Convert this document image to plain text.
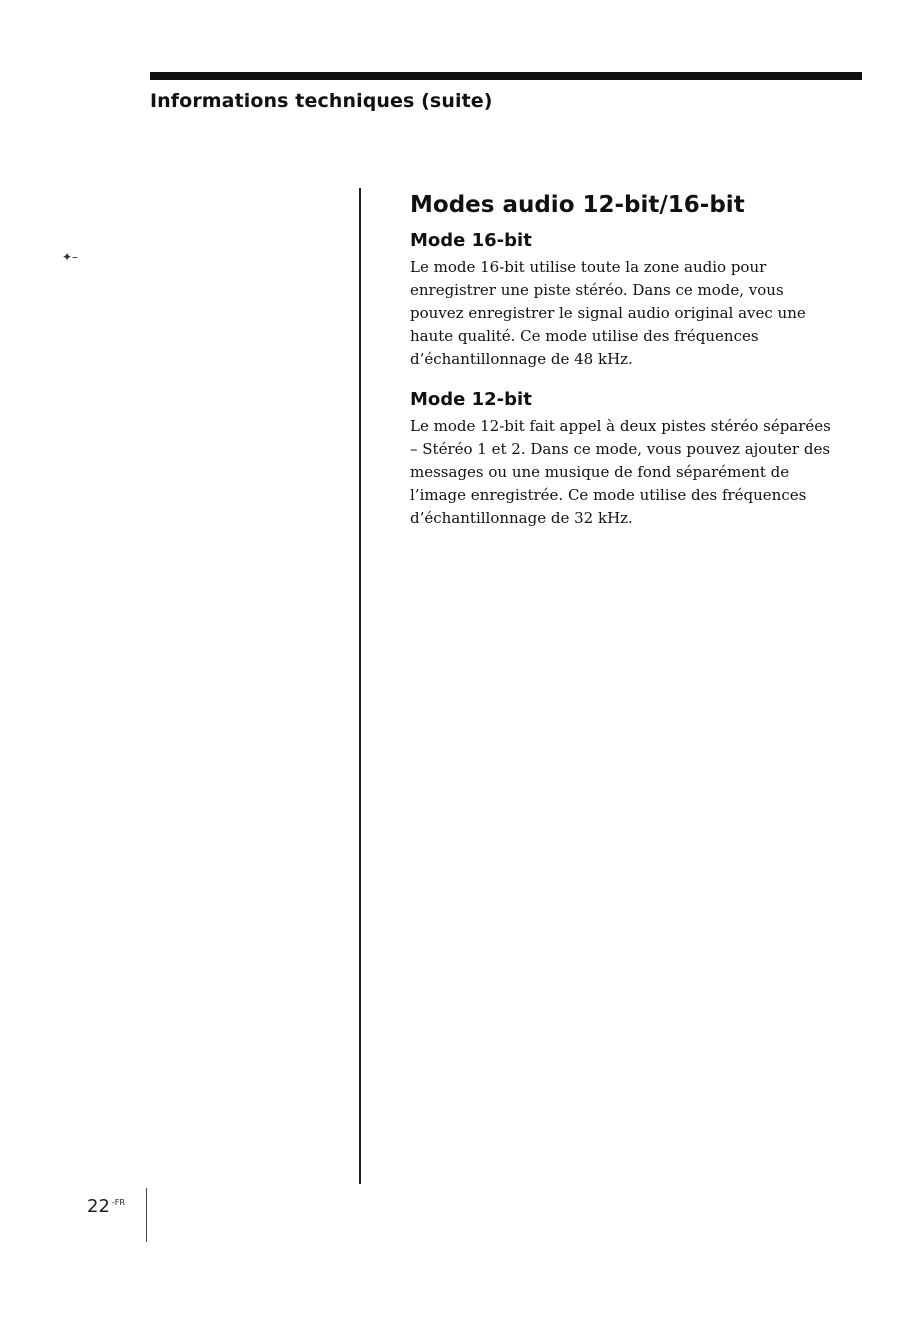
Informations techniques (suite)
✦–
Modes audio 12-bit/16-bit
Mode 16-bit
Le mode 16-bit utilise toute la zone audio pour
enregistrer une piste stéréo. Dans ce mode, vous
pouvez enregistrer le signal audio original avec une
haute qualité. Ce mode utilise des fréquences
d’échantillonnage de 48 kHz.
Mode 12-bit
Le mode 12-bit fait appel à deux pistes stéréo séparées
– Stéréo 1 et 2. Dans ce mode, vous pouvez ajouter des
messages ou une musique de fond séparément de
l’image enregistrée. Ce mode utilise des fréquences
d’échantillonnage de 32 kHz.
22 $^{-FR}$
